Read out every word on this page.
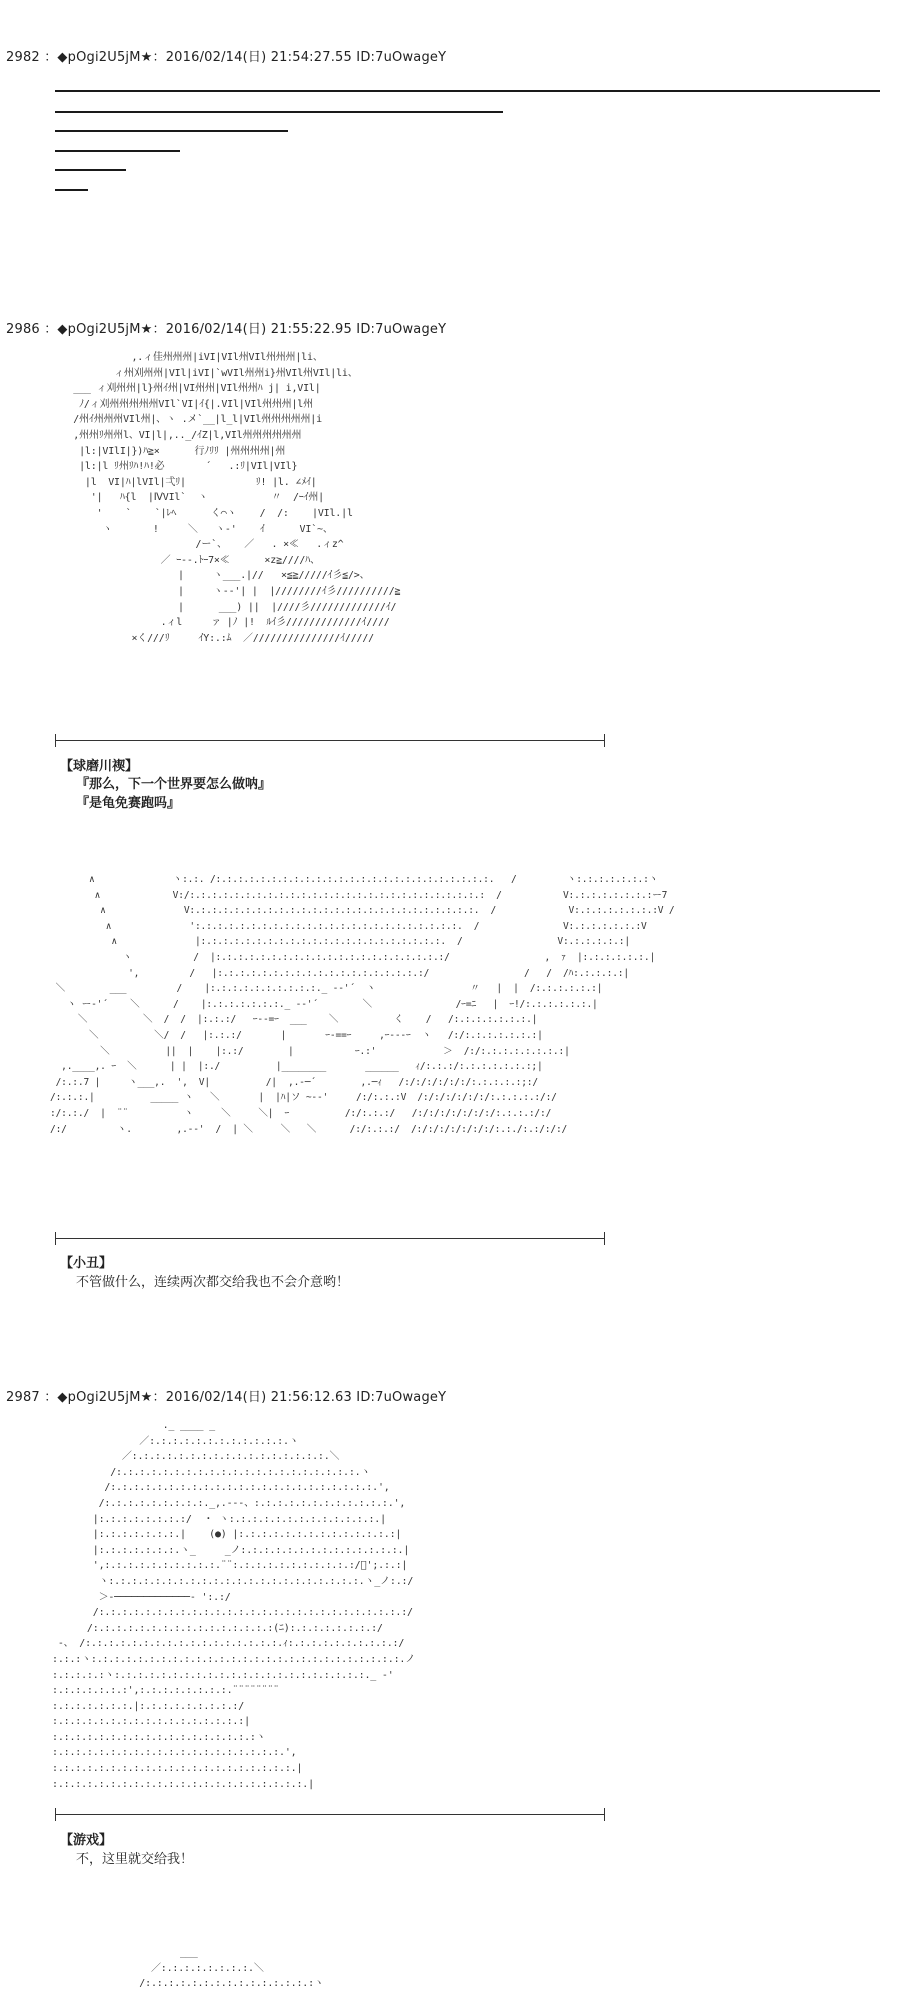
2982 ：◆pOgi2U5jM★：2016/02/14(日) 21:54:27.55 ID:7uOwageY
2986 ：◆pOgi2U5jM★：2016/02/14(日) 21:55:22.95 ID:7uOwageY
,.ィ佳州州州|iVI|VIl州VIl州州州|li、
ィ州刈州州|VIl|iVI|`wVIl州州i}州VIl州VIl|li、
___ ィ刈州州|l}州ｲ州|VI州州|VIl州州ﾊ j| i,VIl|
ﾉ/ィ刈州州州州州VIl`VI|ｲ{|.VIl|VIl州州州|l州
/州ｲ州州州VIl州|、ヽ .メ`__|l_l|VIl州州州州州|i
,州州ﾘ州州l、VI|l|,.._/ｲZ|l,VIl州州州州州州
|l:|VIlI|})ﾊ≧×      行ﾉﾘﾘ |州州州州|州
|l:|l ﾘ州ﾘﾊ!ﾊ!必       ´   .:ﾘ|VIl|VIl}
|l  VI|ﾊ|lVIl|弌ﾘ|            ﾘ! |l. ∠ﾒｲ|
'|   ﾊ{l  |ⅣVIl`  ヽ           〃  /ｰｲ州|
'    `    `|ﾚﾍ      く⌒ヽ    /  /:    |VIl.|l
ヽ       !     ＼   ヽ-'    ｲ      VI`~、
/ー`、   ／   . ×≪   .ィz^
／ ｰ‐-.ﾄｰ7×≪      ×z≧////ﾊ、
|     ヽ___.|//   ×≦≧/////ｲ彡≦/>、
|     ヽ-‐'| |  |////////ｲ彡//////////≧
|      ___) ||  |////彡/////////////ｲ/
.ィl     ァ |ﾉ |!  ﾙｲ彡/////////////ｲ////
×く///ﾘ     ｲY:.:ﾑ  ／///////////////ｲ/////
【球磨川禊】
『那么，下一个世界要怎么做呐』
『是龟免赛跑吗』
∧              ヽ:.:. /:.:.:.:.:.:.:.:.:.:.:.:.:.:.:.:.:.:.:.:.:.:.:.:.:.   /         ヽ:.:.:.:.:.:.:ヽ
∧             V:/:.:.:.:.:.:.:.:.:.:.:.:.:.:.:.:.:.:.:.:.:.:.:.:.:.:.:  /           V:.:.:.:.:.:.:.:ー7
∧              V:.:.:.:.:.:.:.:.:.:.:.:.:.:.:.:.:.:.:.:.:.:.:.:.:.:.  /             V:.:.:.:.:.:.:.:V /
∧              ':.:.:.:.:.:.:.:.:.:.:.:.:.:.:.:.:.:.:.:.:.:.:.:.  /               V:.:.:.:.:.:.:V
∧              |:.:.:.:.:.:.:.:.:.:.:.:.:.:.:.:.:.:.:.:.:.:.  /                 V:.:.:.:.:.:|
ヽ           /  |:.:.:.:.:.:.:.:.:.:.:.:.:.:.:.:.:.:.:.:.:/                 ,  ｧ  |:.:.:.:.:.:.|
',         /   |:.:.:.:.:.:.:.:.:.:.:.:.:.:.:.:.:.:.:/                 /   /  /ﾊ:.:.:.:.:|
＼        ___         /    |:.:.:.:.:.:.:.:.:.:._ -‐'´  ヽ                 〃   |  |  /:.:.:.:.:.:|
ヽ ー‐'´    ＼      /    |:.:.:.:.:.:.:._ -‐'´        ＼               /ｰ=ﾆ   |  ｰ!/:.:.:.:.:.:.|
＼          ＼  /  /  |:.:.:/   ｰ‐-=ｰ  ___    ＼          く    /   /:.:.:.:.:.:.:.|
＼          ＼/  /   |:.:.:/       |       ｰ‐==ｰ     ,ｰ-‐-ｰ  ヽ   /:/:.:.:.:.:.:.:|
＼          ||  |    |:.:/        |           ｰ.:'            ＞  /:/:.:.:.:.:.:.:.:|
,.____,. ｰ  ＼      | |  |:./          |________       ______   ｨ/:.:.:/:.:.:.:.:.:.:;|
/:.:.7 |     ヽ___,.  ',  V|          /|  ,.-─´        ,.─ｨ   /:/:/:/:/:/:/:.:.:.:.:;:/
/:.:.:.|          _____ ヽ   ＼       |  |ﾊ|ソ ~-‐'     /:/:.:.:V  /:/:/:/:/:/:/:.:.:.:.:/:/
:/:.:./  |  ¨¨          ヽ     ＼     ＼|  ｰ          /:/:.:.:/   /:/:/:/:/:/:/:/:.:.:.:/:/
/:/         ヽ.        ,.-‐'  /  | ＼     ＼   ＼      /:/:.:.:/  /:/:/:/:/:/:/:/:.:./:.:/:/:/
【小丑】
不管做什么，连续两次都交给我也不会介意哟！
2987 ：◆pOgi2U5jM★：2016/02/14(日) 21:56:12.63 ID:7uOwageY
._ ____ _
／:.:.:.:.:.:.:.:.:.:.:.:.ヽ
／:.:.:.:.:.:.:.:.:.:.:.:.:.:.:.:.:.＼
/:.:.:.:.:.:.:.:.:.:.:.:.:.:.:.:.:.:.:.:.:.ヽ
/:.:.:.:.:.:.:.:.:.:.:.:.:.:.:.:.:.:.:.:.:.:.:.',
/:.:.:.:.:.:.:.:.:._,.-‐-、:.:.:.:.:.:.:.:.:.:.:.:.',
|:.:.:.:.:.:.:.:/  ・ ヽ:.:.:.:.:.:.:.:.:.:.:.:.:.|
|:.:.:.:.:.:.:.|    (●) |:.:.:.:.:.:.:.:.:.:.:.:.:.:|
|:.:.:.:.:.:.:.ヽ_     _ノ:.:.:.:.:.:.:.:.:.:.:.:.:.:.|
',:.:.:.:.:.:.:.:.:.:.¨¨:.:.:.:.:.:.:.:.:.:.:/ﾟ';.:.:|
ヽ:.:.:.:.:.:.:.:.:.:.:.:.:.:.:.:.:.:.:.:.:.:.ヽ_ノ:.:/
＞‐─────────────‐ ':.:/
/:.:.:.:.:.:.:.:.:.:.:.:.:.:.:.:.:.:.:.:.:.:.:.:.:.:.:/
/:.:.:.:.:.:.:.:.:.:.:.:.:.:.:.:(ﾆ):.:.:.:.:.:.:.:/
‐、 /:.:.:.:.:.:.:.:.:.:.:.:.:.:.:.:.:.ｨ:.:.:.:.:.:.:.:.:.:/
:.:.:ヽ:.:.:.:.:.:.:.:.:.:.:.:.:.:.:.:.:.:.:.:.:.:.:.:.:.:.:.ノ
:.:.:.:.:ヽ:.:.:.:.:.:.:.:.:.:.:.:.:.:.:.:.:.:.:.:.:.:._ ‐'
:.:.:.:.:.:.:',:.:.:.:.:.:.:.:.¨¨¨¨¨¨¨¨
:.:.:.:.:.:.:.|:.:.:.:.:.:.:.:.:/
:.:.:.:.:.:.:.:.:.:.:.:.:.:.:.:.:|
:.:.:.:.:.:.:.:.:.:.:.:.:.:.:.:.:.:ヽ
:.:.:.:.:.:.:.:.:.:.:.:.:.:.:.:.:.:.:.:.',
:.:.:.:.:.:.:.:.:.:.:.:.:.:.:.:.:.:.:.:.:.|
:.:.:.:.:.:.:.:.:.:.:.:.:.:.:.:.:.:.:.:.:.:.|
【游戏】
不，这里就交给我！
___
／:.:.:.:.:.:.:.:.＼
/:.:.:.:.:.:.:.:.:.:.:.:.:.:.:ヽ
